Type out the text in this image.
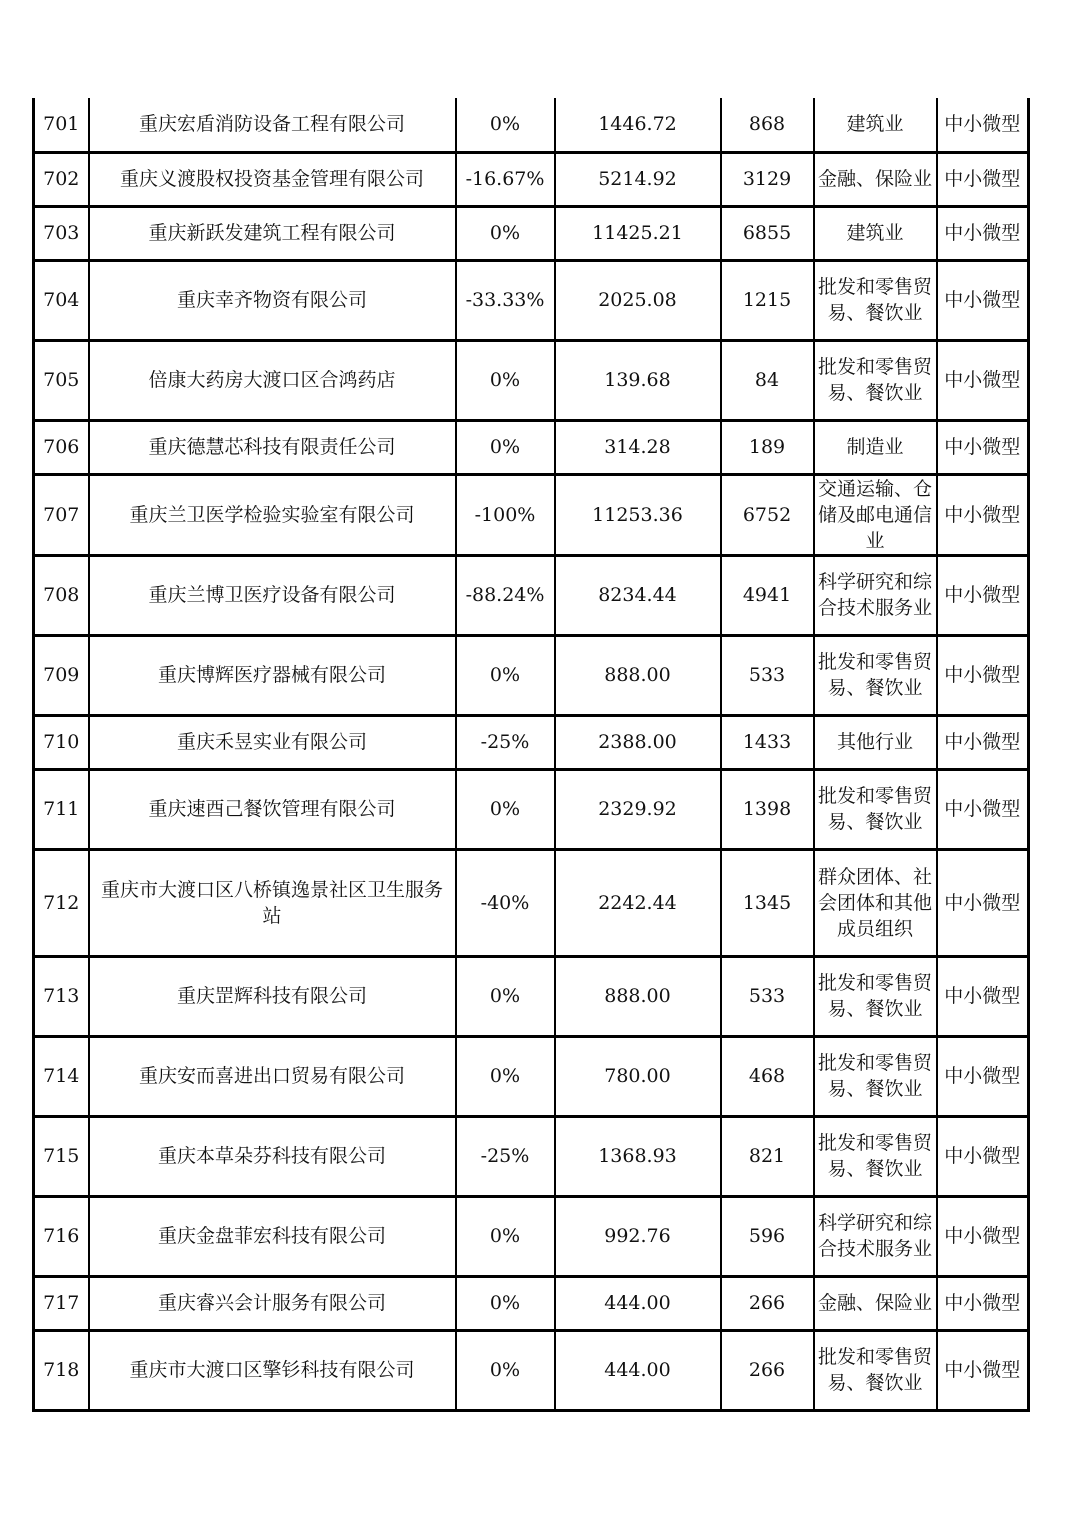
701	重庆宏盾消防设备工程有限公司	0%	1446.72	868	建筑业	中小微型
702	重庆义渡股权投资基金管理有限公司	-16.67%	5214.92	3129	金融、保险业	中小微型
703	重庆新跃发建筑工程有限公司	0%	11425.21	6855	建筑业	中小微型
704	重庆幸齐物资有限公司	-33.33%	2025.08	1215	批发和零售贸易、餐饮业	中小微型
705	倍康大药房大渡口区合鸿药店	0%	139.68	84	批发和零售贸易、餐饮业	中小微型
706	重庆德慧芯科技有限责任公司	0%	314.28	189	制造业	中小微型
707	重庆兰卫医学检验实验室有限公司	-100%	11253.36	6752	交通运输、仓储及邮电通信业	中小微型
708	重庆兰博卫医疗设备有限公司	-88.24%	8234.44	4941	科学研究和综合技术服务业	中小微型
709	重庆博辉医疗器械有限公司	0%	888.00	533	批发和零售贸易、餐饮业	中小微型
710	重庆禾昱实业有限公司	-25%	2388.00	1433	其他行业	中小微型
711	重庆速酉己餐饮管理有限公司	0%	2329.92	1398	批发和零售贸易、餐饮业	中小微型
712	重庆市大渡口区八桥镇逸景社区卫生服务站	-40%	2242.44	1345	群众团体、社会团体和其他成员组织	中小微型
713	重庆罡辉科技有限公司	0%	888.00	533	批发和零售贸易、餐饮业	中小微型
714	重庆安而喜进出口贸易有限公司	0%	780.00	468	批发和零售贸易、餐饮业	中小微型
715	重庆本草朵芬科技有限公司	-25%	1368.93	821	批发和零售贸易、餐饮业	中小微型
716	重庆金盘菲宏科技有限公司	0%	992.76	596	科学研究和综合技术服务业	中小微型
717	重庆睿兴会计服务有限公司	0%	444.00	266	金融、保险业	中小微型
718	重庆市大渡口区擎钐科技有限公司	0%	444.00	266	批发和零售贸易、餐饮业	中小微型
